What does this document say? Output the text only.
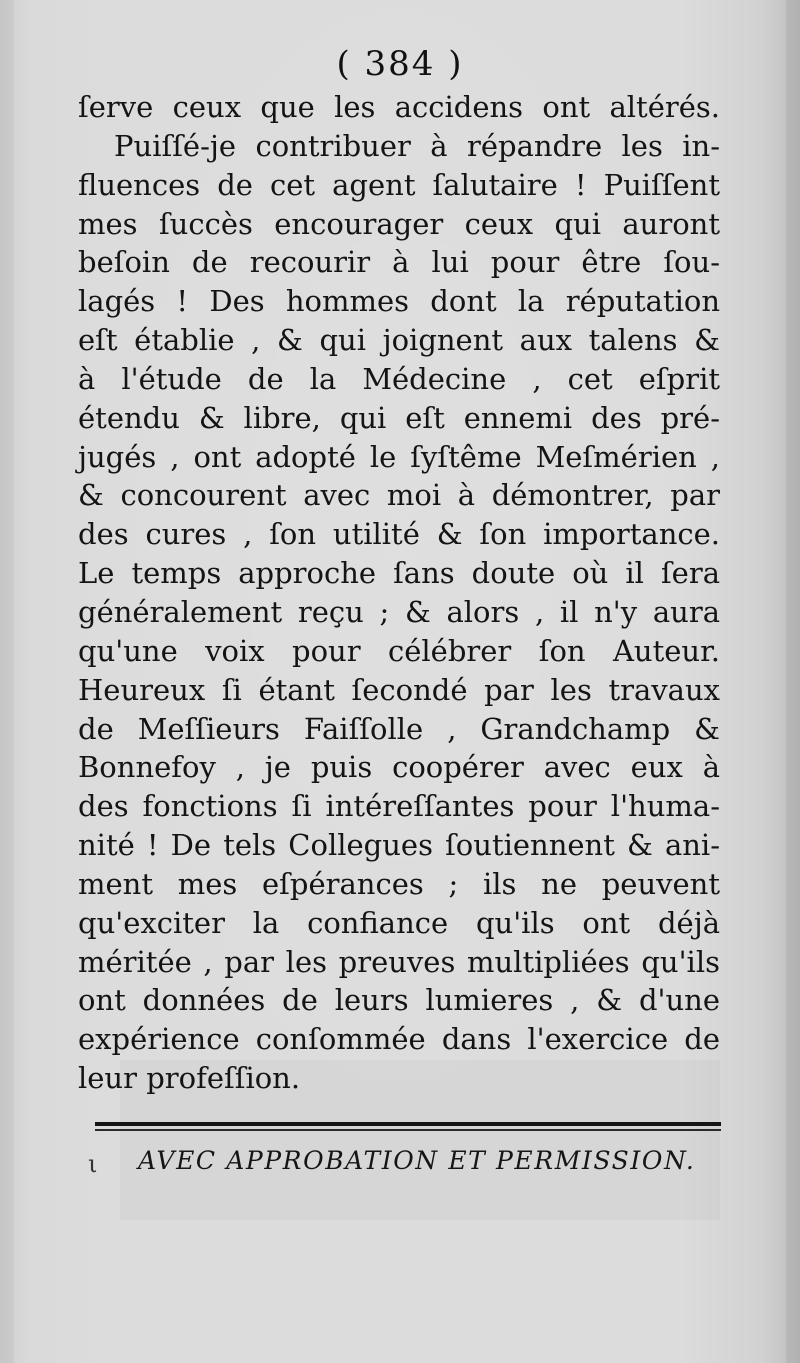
( 384 )
ſerve ceux que les accidens ont altérés.
Puiſſé-je contribuer à répandre les in-
fluences de cet agent ſalutaire ! Puiſſent
mes ſuccès encourager ceux qui auront
beſoin de recourir à lui pour être ſou-
lagés ! Des hommes dont la réputation
eſt établie , & qui joignent aux talens &
à l'étude de la Médecine , cet eſprit
étendu & libre, qui eſt ennemi des pré-
jugés , ont adopté le ſyſtême Meſmérien ,
& concourent avec moi à démontrer, par
des cures , ſon utilité & ſon importance.
Le temps approche ſans doute où il ſera
généralement reçu ; & alors , il n'y aura
qu'une voix pour célébrer ſon Auteur.
Heureux ſi étant ſecondé par les travaux
de Meſſieurs Faiſſolle , Grandchamp &
Bonnefoy , je puis coopérer avec eux à
des fonctions ſi intéreſſantes pour l'huma-
nité ! De tels Collegues ſoutiennent & ani-
ment mes eſpérances ; ils ne peuvent
qu'exciter la confiance qu'ils ont déjà
méritée , par les preuves multipliées qu'ils
ont données de leurs lumieres , & d'une
expérience conſommée dans l'exercice de
leur profeſſion.
ι AVEC APPROBATION ET PERMISSION.
